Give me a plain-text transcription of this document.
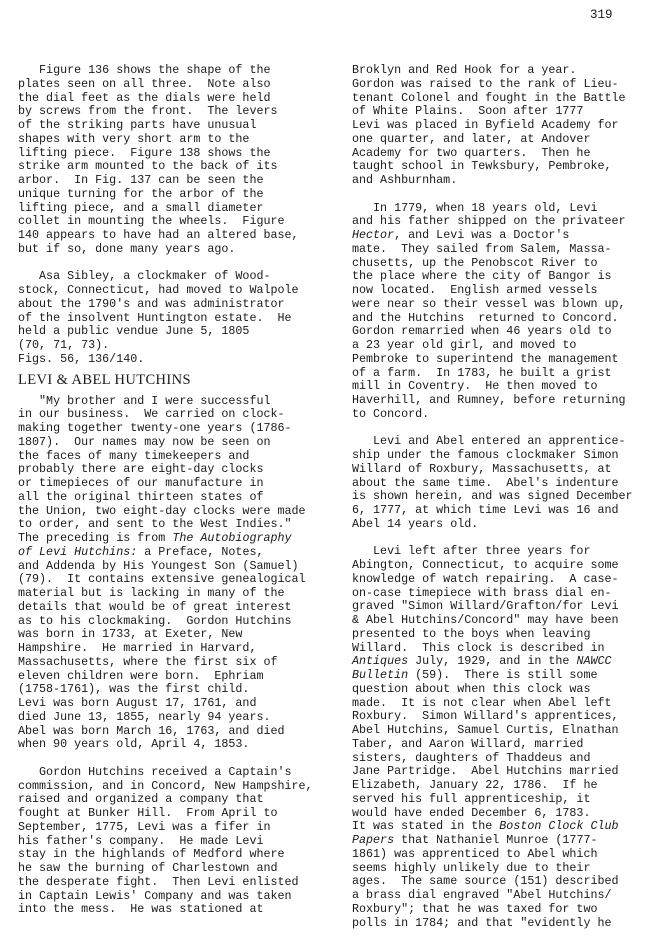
319
Figure 136 shows the shape of the
plates seen on all three.  Note also
the dial feet as the dials were held
by screws from the front.  The levers
of the striking parts have unusual
shapes with very short arm to the
lifting piece.  Figure 138 shows the
strike arm mounted to the back of its
arbor.  In Fig. 137 can be seen the
unique turning for the arbor of the
lifting piece, and a small diameter
collet in mounting the wheels.  Figure
140 appears to have had an altered base,
but if so, done many years ago.
Asa Sibley, a clockmaker of Wood-
stock, Connecticut, had moved to Walpole
about the 1790's and was administrator
of the insolvent Huntington estate.  He
held a public vendue June 5, 1805
(70, 71, 73).
Figs. 56, 136/140.
LEVI & ABEL HUTCHINS
"My brother and I were successful
in our business.  We carried on clock-
making together twenty-one years (1786-
1807).  Our names may now be seen on
the faces of many timekeepers and
probably there are eight-day clocks
or timepieces of our manufacture in
all the original thirteen states of
the Union, two eight-day clocks were made
to order, and sent to the West Indies."
The preceding is from The Autobiography
of Levi Hutchins: a Preface, Notes,
and Addenda by His Youngest Son (Samuel)
(79).  It contains extensive genealogical
material but is lacking in many of the
details that would be of great interest
as to his clockmaking.  Gordon Hutchins
was born in 1733, at Exeter, New
Hampshire.  He married in Harvard,
Massachusetts, where the first six of
eleven children were born.  Ephriam
(1758-1761), was the first child.
Levi was born August 17, 1761, and
died June 13, 1855, nearly 94 years.
Abel was born March 16, 1763, and died
when 90 years old, April 4, 1853.
Gordon Hutchins received a Captain's
commission, and in Concord, New Hampshire,
raised and organized a company that
fought at Bunker Hill.  From April to
September, 1775, Levi was a fifer in
his father's company.  He made Levi
stay in the highlands of Medford where
he saw the burning of Charlestown and
the desperate fight.  Then Levi enlisted
in Captain Lewis' Company and was taken
into the mess.  He was stationed at
Broklyn and Red Hook for a year.
Gordon was raised to the rank of Lieu-
tenant Colonel and fought in the Battle
of White Plains.  Soon after 1777
Levi was placed in Byfield Academy for
one quarter, and later, at Andover
Academy for two quarters.  Then he
taught school in Tewksbury, Pembroke,
and Ashburnham.
In 1779, when 18 years old, Levi
and his father shipped on the privateer
Hector, and Levi was a Doctor's
mate.  They sailed from Salem, Massa-
chusetts, up the Penobscot River to
the place where the city of Bangor is
now located.  English armed vessels
were near so their vessel was blown up,
and the Hutchins  returned to Concord.
Gordon remarried when 46 years old to
a 23 year old girl, and moved to
Pembroke to superintend the management
of a farm.  In 1783, he built a grist
mill in Coventry.  He then moved to
Haverhill, and Rumney, before returning
to Concord.
Levi and Abel entered an apprentice-
ship under the famous clockmaker Simon
Willard of Roxbury, Massachusetts, at
about the same time.  Abel's indenture
is shown herein, and was signed December
6, 1777, at which time Levi was 16 and
Abel 14 years old.
Levi left after three years for
Abington, Connecticut, to acquire some
knowledge of watch repairing.  A case-
on-case timepiece with brass dial en-
graved "Simon Willard/Grafton/for Levi
& Abel Hutchins/Concord" may have been
presented to the boys when leaving
Willard.  This clock is described in
Antiques July, 1929, and in the NAWCC
Bulletin (59).  There is still some
question about when this clock was
made.  It is not clear when Abel left
Roxbury.  Simon Willard's apprentices,
Abel Hutchins, Samuel Curtis, Elnathan
Taber, and Aaron Willard, married
sisters, daughters of Thaddeus and
Jane Partridge.  Abel Hutchins married
Elizabeth, January 22, 1786.  If he
served his full apprenticeship, it
would have ended December 6, 1783.
It was stated in the Boston Clock Club
Papers that Nathaniel Munroe (1777-
1861) was apprenticed to Abel which
seems highly unlikely due to their
ages.  The same source (151) described
a brass dial engraved "Abel Hutchins/
Roxbury"; that he was taxed for two
polls in 1784; and that "evidently he
